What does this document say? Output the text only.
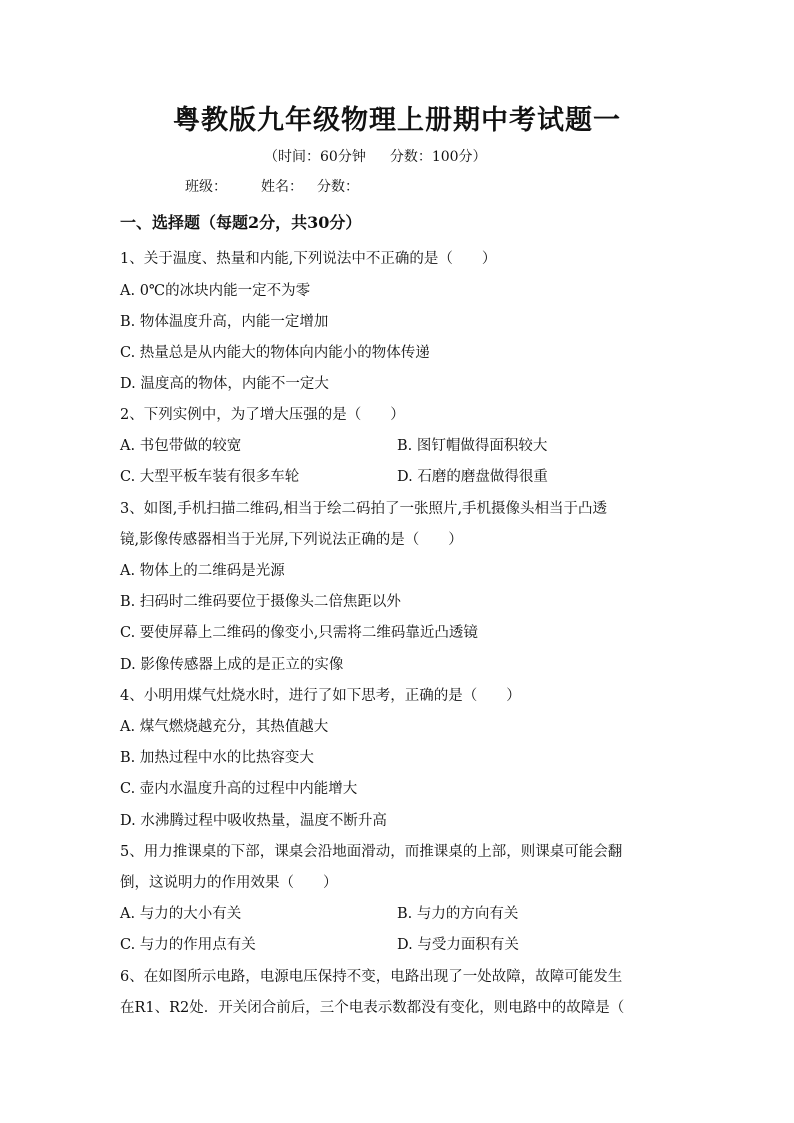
粤教版九年级物理上册期中考试题一
（时间：60分钟 分数：100分）
班级： 姓名： 分数：
一、选择题（每题2分，共30分）
1、关于温度、热量和内能,下列说法中不正确的是（　　）
A. 0℃的冰块内能一定不为零
B. 物体温度升高，内能一定增加
C. 热量总是从内能大的物体向内能小的物体传递
D. 温度高的物体，内能不一定大
2、下列实例中，为了增大压强的是（　　）
A. 书包带做的较宽	B. 图钉帽做得面积较大
C. 大型平板车装有很多车轮	D. 石磨的磨盘做得很重
3、如图,手机扫描二维码,相当于绘二码拍了一张照片,手机摄像头相当于凸透
镜,影像传感器相当于光屏,下列说法正确的是（　　）
A. 物体上的二维码是光源
B. 扫码时二维码要位于摄像头二倍焦距以外
C. 要使屏幕上二维码的像变小,只需将二维码靠近凸透镜
D. 影像传感器上成的是正立的实像
4、小明用煤气灶烧水时，进行了如下思考，正确的是（　　）
A. 煤气燃烧越充分，其热值越大
B. 加热过程中水的比热容变大
C. 壶内水温度升高的过程中内能增大
D. 水沸腾过程中吸收热量，温度不断升高
5、用力推课桌的下部，课桌会沿地面滑动，而推课桌的上部，则课桌可能会翻
倒，这说明力的作用效果（　　）
A. 与力的大小有关	B. 与力的方向有关
C. 与力的作用点有关	D. 与受力面积有关
6、在如图所示电路，电源电压保持不变，电路出现了一处故障，故障可能发生
在R1、R2处．开关闭合前后，三个电表示数都没有变化，则电路中的故障是（
